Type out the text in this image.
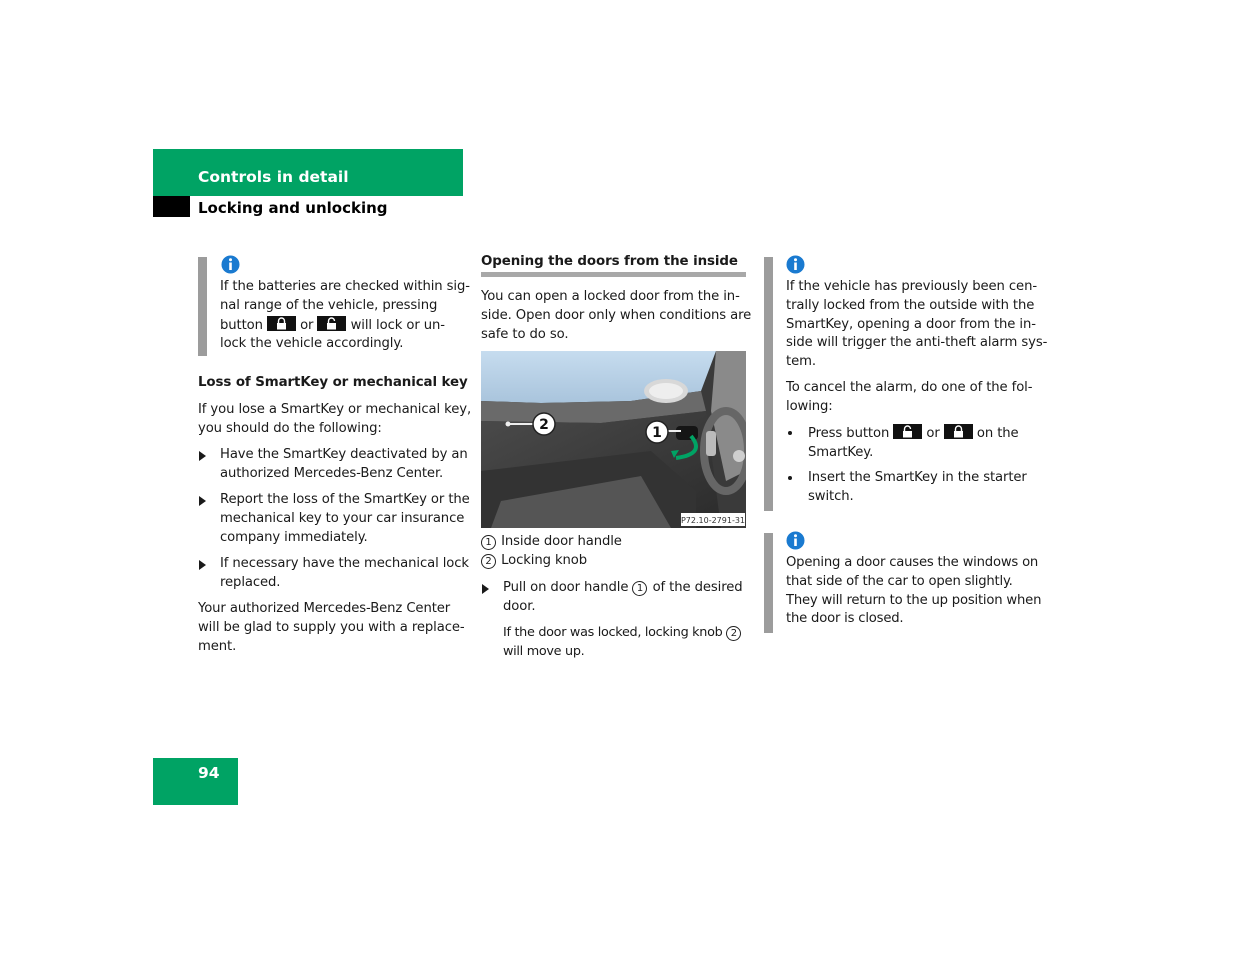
Controls in detail
Locking and unlocking
If the batteries are checked within sig-
nal range of the vehicle, pressing
button	or	will lock or un-
lock the vehicle accordingly.
Loss of SmartKey or mechanical key
If you lose a SmartKey or mechanical key,
you should do the following:
Have the SmartKey deactivated by an
authorized Mercedes-Benz Center.
Report the loss of the SmartKey or the
mechanical key to your car insurance
company immediately.
If necessary have the mechanical lock
replaced.
Your authorized Mercedes-Benz Center
will be glad to supply you with a replace-
ment.
Opening the doors from the inside
You can open a locked door from the in-
side. Open door only when conditions are
safe to do so.
2	1
P72.10-2791-31
1 Inside door handle
2 Locking knob
Pull on door handle 1 of the desired
door.
If the door was locked, locking knob 2
will move up.
If the vehicle has previously been cen-
trally locked from the outside with the
SmartKey, opening a door from the in-
side will trigger the anti-theft alarm sys-
tem.
To cancel the alarm, do one of the fol-
lowing:
Press button	or	on the
SmartKey.
Insert the SmartKey in the starter
switch.
Opening a door causes the windows on
that side of the car to open slightly.
They will return to the up position when
the door is closed.
94
